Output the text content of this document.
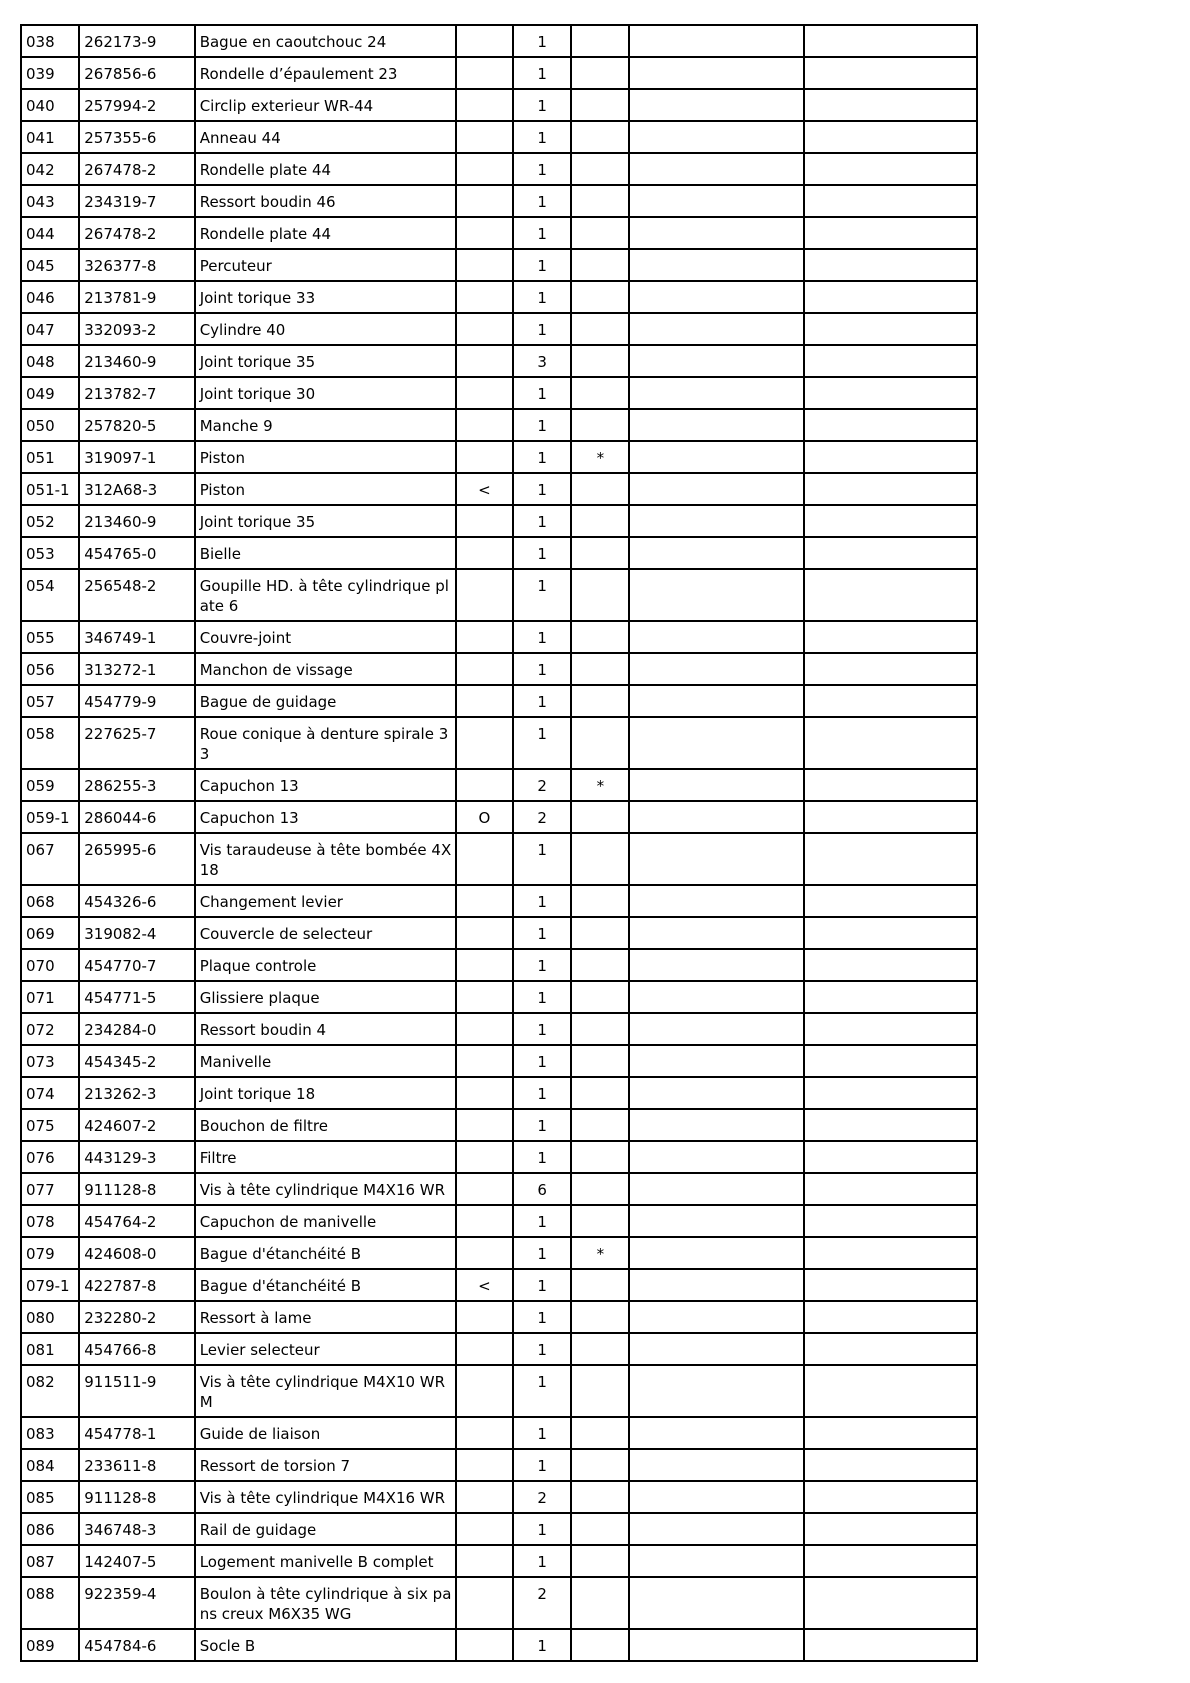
038	262173-9	Bague en caoutchouc 24		1			
039	267856-6	Rondelle d’épaulement 23		1			
040	257994-2	Circlip exterieur WR-44		1			
041	257355-6	Anneau 44		1			
042	267478-2	Rondelle plate 44		1			
043	234319-7	Ressort boudin 46		1			
044	267478-2	Rondelle plate 44		1			
045	326377-8	Percuteur		1			
046	213781-9	Joint torique 33		1			
047	332093-2	Cylindre 40		1			
048	213460-9	Joint torique 35		3			
049	213782-7	Joint torique 30		1			
050	257820-5	Manche 9		1			
051	319097-1	Piston		1	*		
051-1	312A68-3	Piston	<	1			
052	213460-9	Joint torique 35		1			
053	454765-0	Bielle		1			
054	256548-2	Goupille HD. à tête cylindrique plate 6		1			
055	346749-1	Couvre-joint		1			
056	313272-1	Manchon de vissage		1			
057	454779-9	Bague de guidage		1			
058	227625-7	Roue conique à denture spirale 33		1			
059	286255-3	Capuchon 13		2	*		
059-1	286044-6	Capuchon 13	O	2			
067	265995-6	Vis taraudeuse à tête bombée 4X18		1			
068	454326-6	Changement levier		1			
069	319082-4	Couvercle de selecteur		1			
070	454770-7	Plaque controle		1			
071	454771-5	Glissiere plaque		1			
072	234284-0	Ressort boudin 4		1			
073	454345-2	Manivelle		1			
074	213262-3	Joint torique 18		1			
075	424607-2	Bouchon de filtre		1			
076	443129-3	Filtre		1			
077	911128-8	Vis à tête cylindrique M4X16 WR		6			
078	454764-2	Capuchon de manivelle		1			
079	424608-0	Bague d'étanchéité B		1	*		
079-1	422787-8	Bague d'étanchéité B	<	1			
080	232280-2	Ressort à lame		1			
081	454766-8	Levier selecteur		1			
082	911511-9	Vis à tête cylindrique M4X10 WRM		1			
083	454778-1	Guide de liaison		1			
084	233611-8	Ressort de torsion 7		1			
085	911128-8	Vis à tête cylindrique M4X16 WR		2			
086	346748-3	Rail de guidage		1			
087	142407-5	Logement manivelle B complet		1			
088	922359-4	Boulon à tête cylindrique à six pans creux M6X35 WG		2			
089	454784-6	Socle B		1			
